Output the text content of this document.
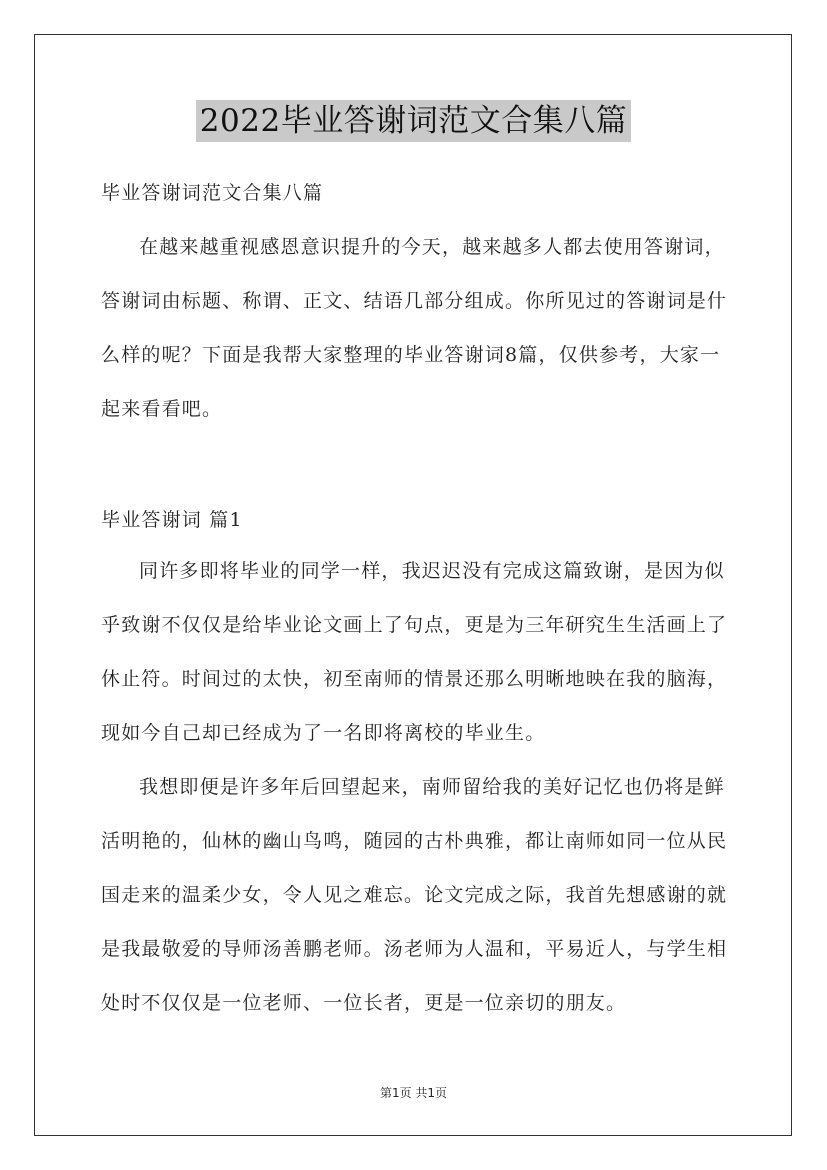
2022毕业答谢词范文合集八篇
毕业答谢词范文合集八篇

在越来越重视感恩意识提升的今天，越来越多人都去使用答谢词，答谢词由标题、称谓、正文、结语几部分组成。你所见过的答谢词是什么样的呢？下面是我帮大家整理的毕业答谢词8篇，仅供参考，大家一起来看看吧。

毕业答谢词 篇1

同许多即将毕业的同学一样，我迟迟没有完成这篇致谢，是因为似乎致谢不仅仅是给毕业论文画上了句点，更是为三年研究生生活画上了休止符。时间过的太快，初至南师的情景还那么明晰地映在我的脑海，现如今自己却已经成为了一名即将离校的毕业生。

我想即便是许多年后回望起来，南师留给我的美好记忆也仍将是鲜活明艳的，仙林的幽山鸟鸣，随园的古朴典雅，都让南师如同一位从民国走来的温柔少女，令人见之难忘。论文完成之际，我首先想感谢的就是我最敬爱的导师汤善鹏老师。汤老师为人温和，平易近人，与学生相处时不仅仅是一位老师、一位长者，更是一位亲切的朋友。

第1页 共1页
